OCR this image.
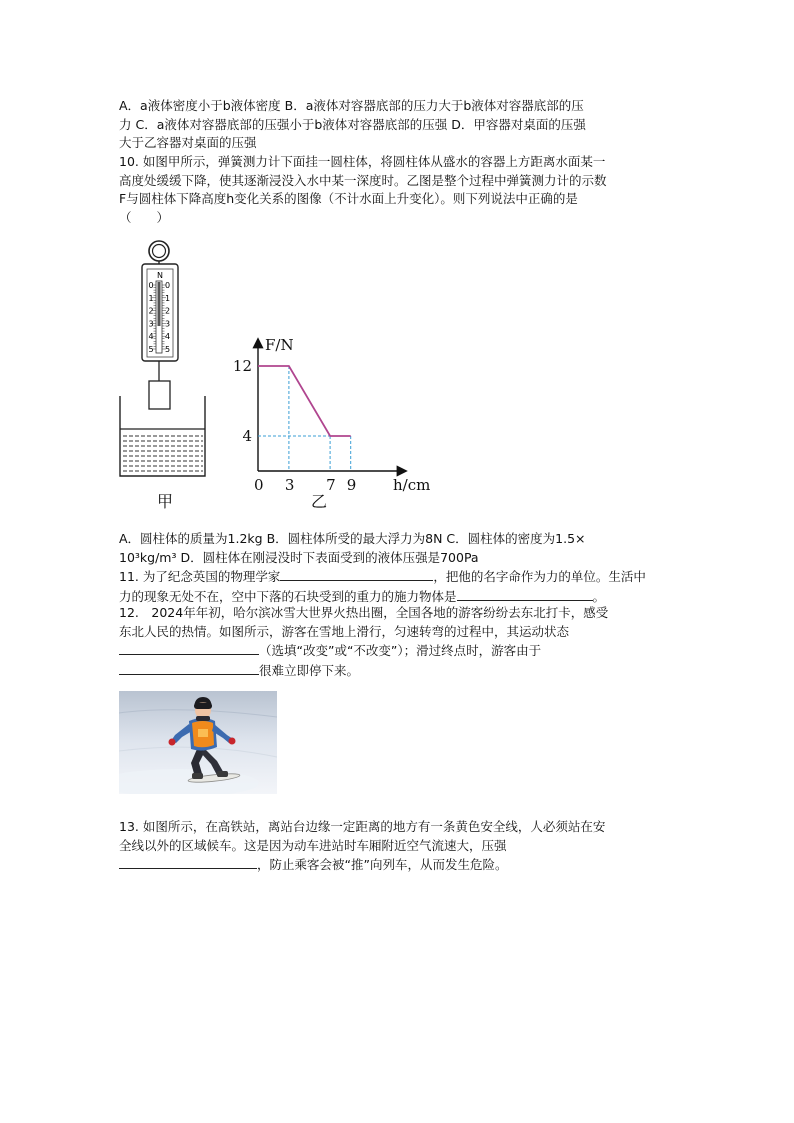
A．a液体密度小于b液体密度 B．a液体对容器底部的压力大于b液体对容器底部的压
力 C．a液体对容器底部的压强小于b液体对容器底部的压强 D．甲容器对桌面的压强
大于乙容器对桌面的压强
10. 如图甲所示，弹簧测力计下面挂一圆柱体，将圆柱体从盛水的容器上方距离水面某一
高度处缓缓下降，使其逐渐浸没入水中某一深度时。乙图是整个过程中弹簧测力计的示数
F与圆柱体下降高度h变化关系的图像（不计水面上升变化）。则下列说法中正确的是
（　　）
N
0 0
1 1
2 2
3 3
4 4
5 5
甲
F/N
h/cm
0 3 7 9
12
4
乙
A．圆柱体的质量为1.2kg B．圆柱体所受的最大浮力为8N C．圆柱体的密度为1.5×
10³kg/m³ D．圆柱体在刚浸没时下表面受到的液体压强是700Pa
11. 为了纪念英国的物理学家	，把他的名字命作为力的单位。生活中
力的现象无处不在，空中下落的石块受到的重力的施力物体是	。
12.　2024年年初，哈尔滨冰雪大世界火热出圈，全国各地的游客纷纷去东北打卡，感受
东北人民的热情。如图所示，游客在雪地上滑行，匀速转弯的过程中，其运动状态
（选填“改变”或“不改变”）；滑过终点时，游客由于
很难立即停下来。
13. 如图所示，在高铁站，离站台边缘一定距离的地方有一条黄色安全线，人必须站在安
全线以外的区域候车。这是因为动车进站时车厢附近空气流速大，压强
，防止乘客会被“推”向列车，从而发生危险。
